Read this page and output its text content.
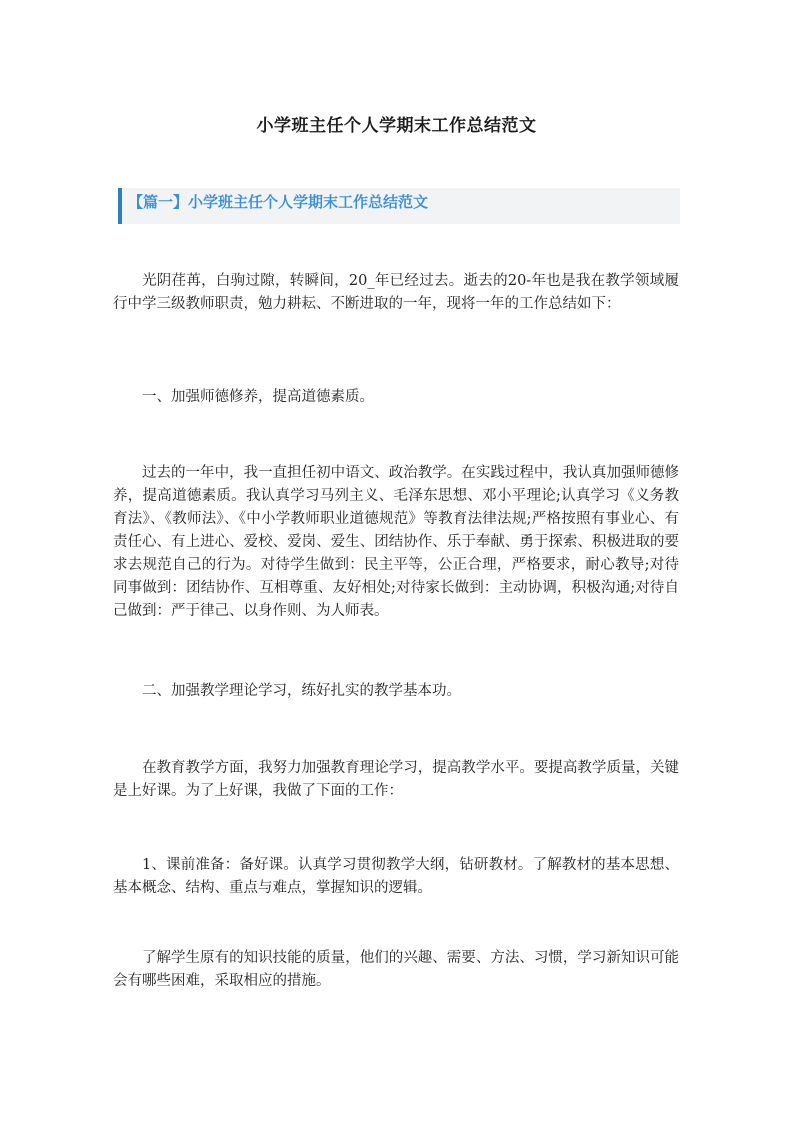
小学班主任个人学期末工作总结范文
【篇一】小学班主任个人学期末工作总结范文

光阴荏苒，白驹过隙，转瞬间，20_年已经过去。逝去的20-年也是我在教学领域履行中学三级教师职责，勉力耕耘、不断进取的一年，现将一年的工作总结如下：

一、加强师德修养，提高道德素质。

过去的一年中，我一直担任初中语文、政治教学。在实践过程中，我认真加强师德修养，提高道德素质。我认真学习马列主义、毛泽东思想、邓小平理论;认真学习《义务教育法》、《教师法》、《中小学教师职业道德规范》等教育法律法规;严格按照有事业心、有责任心、有上进心、爱校、爱岗、爱生、团结协作、乐于奉献、勇于探索、积极进取的要求去规范自己的行为。对待学生做到：民主平等，公正合理，严格要求，耐心教导;对待同事做到：团结协作、互相尊重、友好相处;对待家长做到：主动协调，积极沟通;对待自己做到：严于律己、以身作则、为人师表。

二、加强教学理论学习，练好扎实的教学基本功。

在教育教学方面，我努力加强教育理论学习，提高教学水平。要提高教学质量，关键是上好课。为了上好课，我做了下面的工作：

1、课前准备：备好课。认真学习贯彻教学大纲，钻研教材。了解教材的基本思想、基本概念、结构、重点与难点，掌握知识的逻辑。

了解学生原有的知识技能的质量，他们的兴趣、需要、方法、习惯，学习新知识可能会有哪些困难，采取相应的措施。
